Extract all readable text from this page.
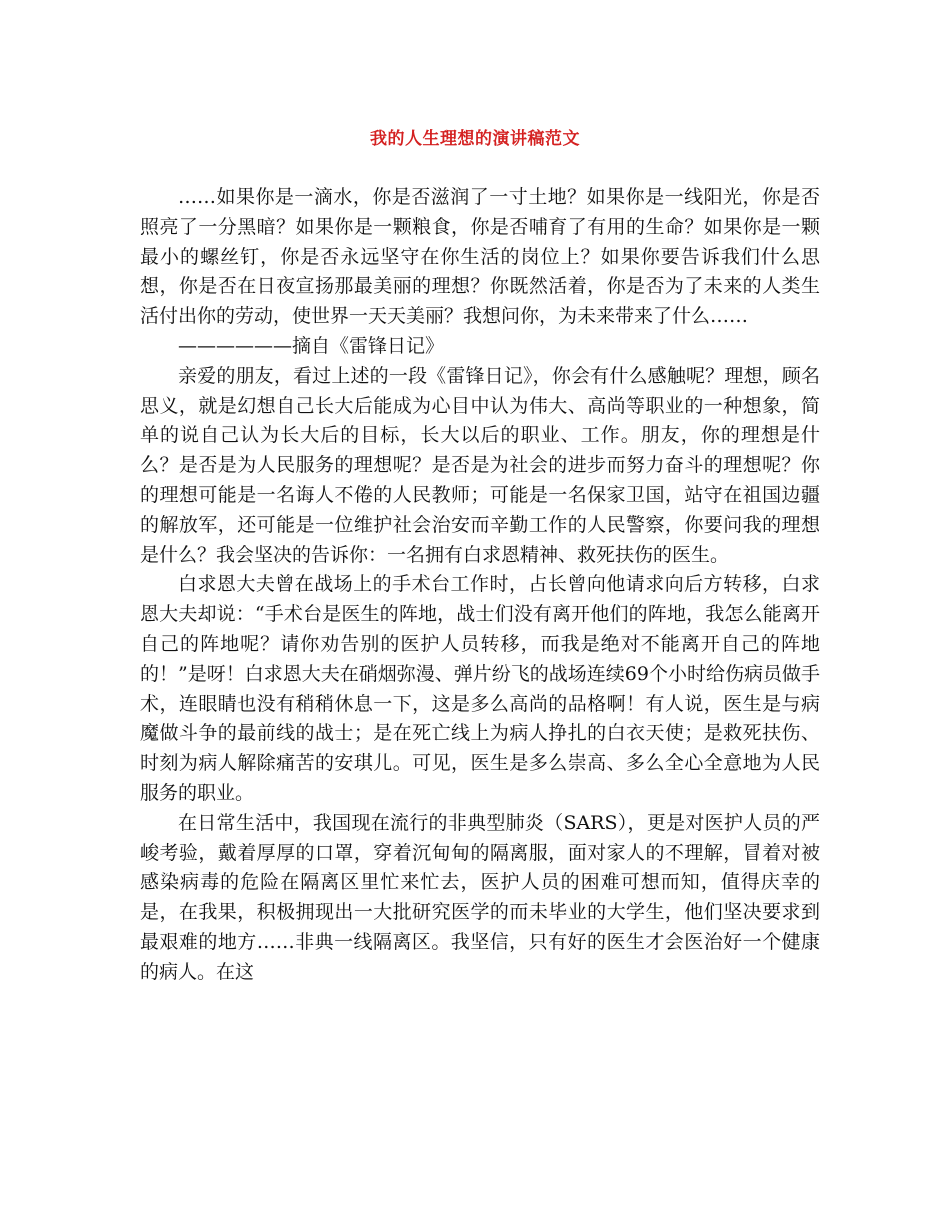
我的人生理想的演讲稿范文

……如果你是一滴水，你是否滋润了一寸土地？如果你是一线阳光，你是否照亮了一分黑暗？如果你是一颗粮食，你是否哺育了有用的生命？如果你是一颗最小的螺丝钉，你是否永远坚守在你生活的岗位上？如果你要告诉我们什么思想，你是否在日夜宣扬那最美丽的理想？你既然活着，你是否为了未来的人类生活付出你的劳动，使世界一天天美丽？我想问你，为未来带来了什么……

——————摘自《雷锋日记》

亲爱的朋友，看过上述的一段《雷锋日记》，你会有什么感触呢？理想，顾名思义，就是幻想自己长大后能成为心目中认为伟大、高尚等职业的一种想象，简单的说自己认为长大后的目标，长大以后的职业、工作。朋友，你的理想是什么？是否是为人民服务的理想呢？是否是为社会的进步而努力奋斗的理想呢？你的理想可能是一名诲人不倦的人民教师；可能是一名保家卫国，站守在祖国边疆的解放军，还可能是一位维护社会治安而辛勤工作的人民警察，你要问我的理想是什么？我会坚决的告诉你：一名拥有白求恩精神、救死扶伤的医生。

白求恩大夫曾在战场上的手术台工作时，占长曾向他请求向后方转移，白求恩大夫却说：“手术台是医生的阵地，战士们没有离开他们的阵地，我怎么能离开自己的阵地呢？请你劝告别的医护人员转移，而我是绝对不能离开自己的阵地的！”是呀！白求恩大夫在硝烟弥漫、弹片纷飞的战场连续69个小时给伤病员做手术，连眼睛也没有稍稍休息一下，这是多么高尚的品格啊！有人说，医生是与病魔做斗争的最前线的战士；是在死亡线上为病人挣扎的白衣天使；是救死扶伤、时刻为病人解除痛苦的安琪儿。可见，医生是多么崇高、多么全心全意地为人民服务的职业。

在日常生活中，我国现在流行的非典型肺炎（SARS），更是对医护人员的严峻考验，戴着厚厚的口罩，穿着沉甸甸的隔离服，面对家人的不理解，冒着对被感染病毒的危险在隔离区里忙来忙去，医护人员的困难可想而知，值得庆幸的是，在我果，积极拥现出一大批研究医学的而未毕业的大学生，他们坚决要求到最艰难的地方……非典一线隔离区。我坚信，只有好的医生才会医治好一个健康的病人。在这
